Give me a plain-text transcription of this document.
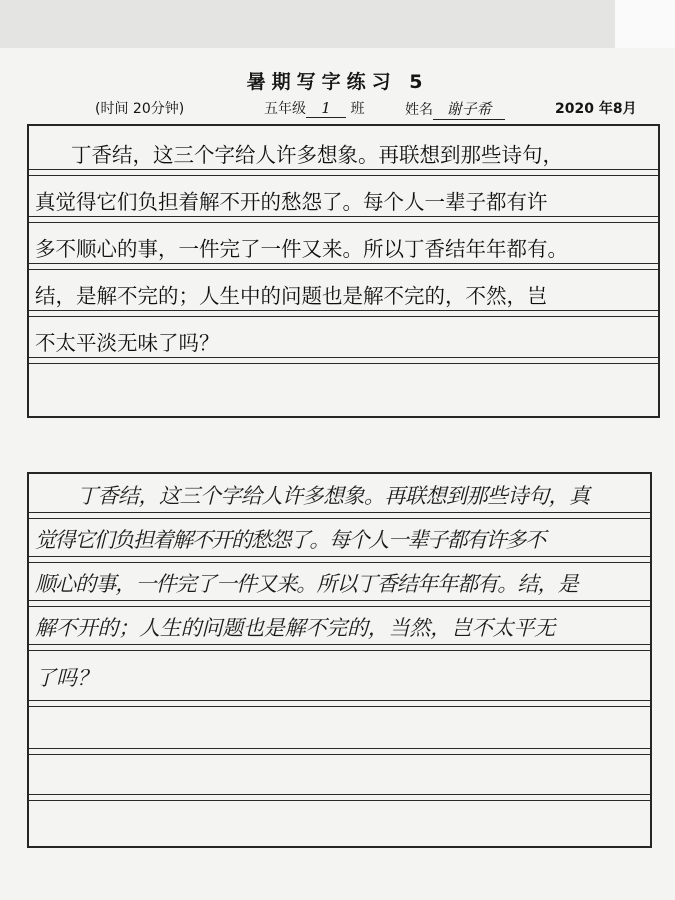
暑期写字练习 5
(时间 20分钟)	五年级 1 班	姓名 谢子希	2020 年8月
丁香结，这三个字给人许多想象。再联想到那些诗句，
真觉得它们负担着解不开的愁怨了。每个人一辈子都有许
多不顺心的事，一件完了一件又来。所以丁香结年年都有。
结，是解不完的；人生中的问题也是解不完的，不然，岂
不太平淡无味了吗？
丁香结，这三个字给人许多想象。再联想到那些诗句，真
觉得它们负担着解不开的愁怨了。每个人一辈子都有许多不
顺心的事，一件完了一件又来。所以丁香结年年都有。结，是
解不开的；人生的问题也是解不完的，当然，岂不太平无
了吗？
